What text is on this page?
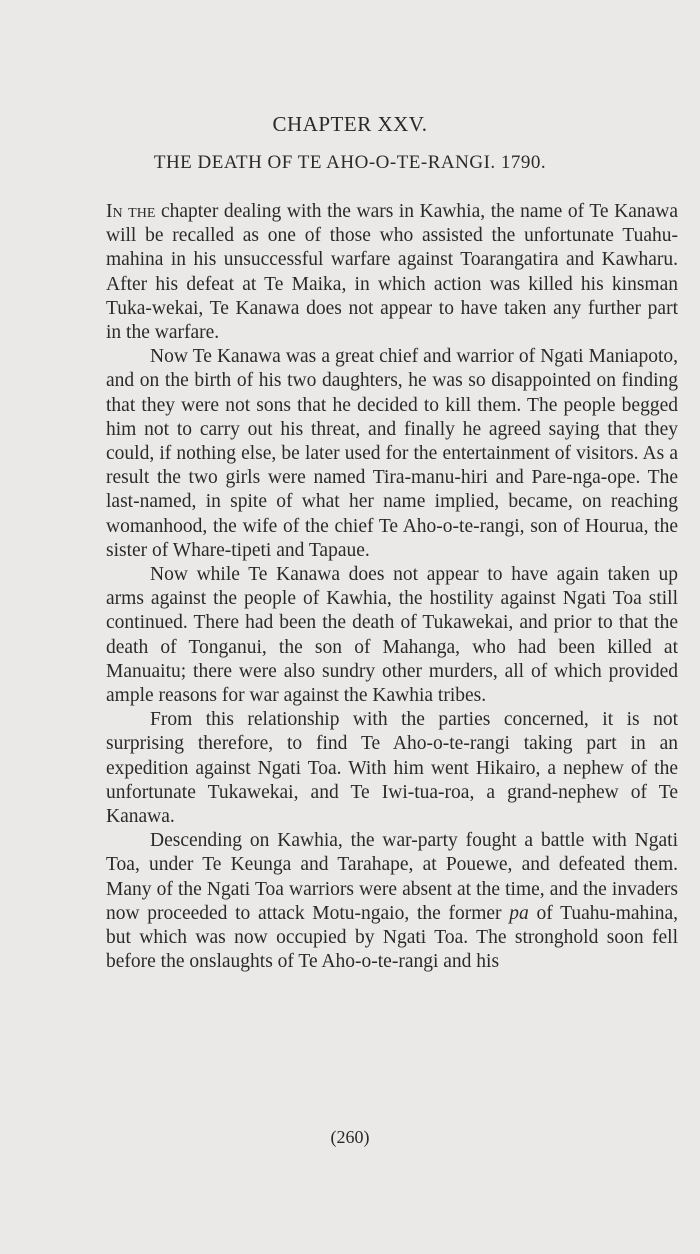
CHAPTER XXV.
THE DEATH OF TE AHO-O-TE-RANGI. 1790.

In the chapter dealing with the wars in Kawhia, the name of Te Kanawa will be recalled as one of those who assisted the unfortunate Tuahu-mahina in his unsuccessful warfare against Toarangatira and Kawharu. After his defeat at Te Maika, in which action was killed his kinsman Tuka-wekai, Te Kanawa does not appear to have taken any further part in the warfare.

Now Te Kanawa was a great chief and warrior of Ngati Maniapoto, and on the birth of his two daughters, he was so disappointed on finding that they were not sons that he decided to kill them. The people begged him not to carry out his threat, and finally he agreed saying that they could, if nothing else, be later used for the entertainment of visitors. As a result the two girls were named Tira-manu-hiri and Pare-nga-ope. The last-named, in spite of what her name implied, became, on reaching womanhood, the wife of the chief Te Aho-o-te-rangi, son of Hourua, the sister of Whare-tipeti and Tapaue.

Now while Te Kanawa does not appear to have again taken up arms against the people of Kawhia, the hostility against Ngati Toa still continued. There had been the death of Tukawekai, and prior to that the death of Tonganui, the son of Mahanga, who had been killed at Manuaitu; there were also sundry other murders, all of which provided ample reasons for war against the Kawhia tribes.

From this relationship with the parties concerned, it is not surprising therefore, to find Te Aho-o-te-rangi taking part in an expedition against Ngati Toa. With him went Hikairo, a nephew of the unfortunate Tukawekai, and Te Iwi-tua-roa, a grand-nephew of Te Kanawa.

Descending on Kawhia, the war-party fought a battle with Ngati Toa, under Te Keunga and Tarahape, at Pouewe, and defeated them. Many of the Ngati Toa warriors were absent at the time, and the invaders now proceeded to attack Motu-ngaio, the former pa of Tuahu-mahina, but which was now occupied by Ngati Toa. The stronghold soon fell before the onslaughts of Te Aho-o-te-rangi and his

(260)
